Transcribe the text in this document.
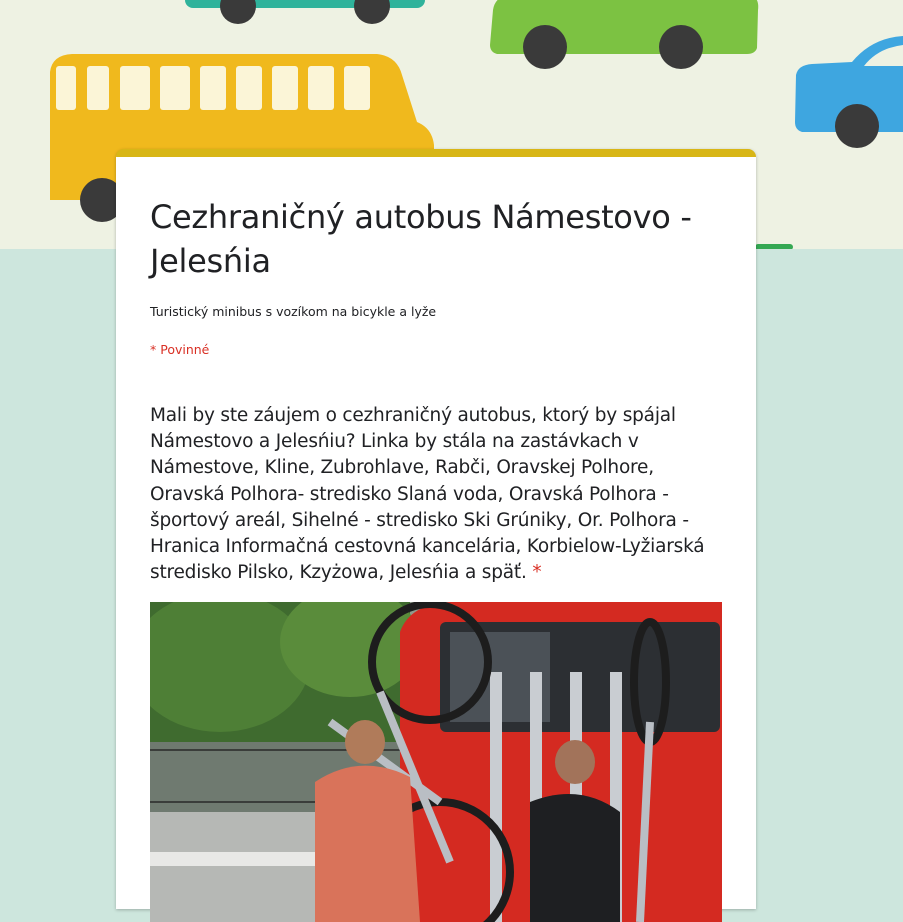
Cezhraničný autobus Námestovo - Jelesńia
Turistický minibus s vozíkom na bicykle a lyže
* Povinné
Mali by ste záujem o cezhraničný autobus, ktorý by spájal Námestovo a Jelesńiu? Linka by stála na zastávkach v Námestove, Kline, Zubrohlave, Rabči, Oravskej Polhore, Oravská Polhora- stredisko Slaná voda, Oravská Polhora - športový areál, Sihelné - stredisko Ski Grúniky, Or. Polhora - Hranica Informačná cestovná kancelária, Korbielow-Lyžiarská stredisko Pilsko, Kzyżowa, Jelesńia a späť. *
